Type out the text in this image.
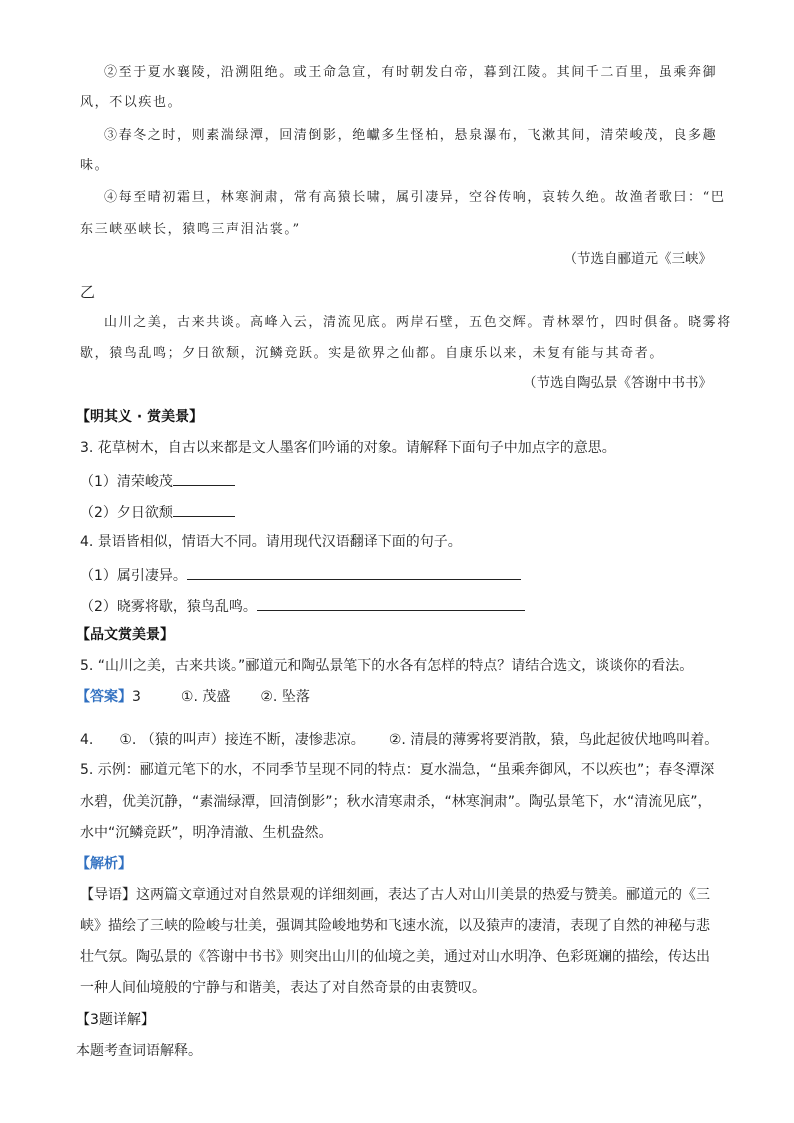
②至于夏水襄陵，沿溯阻绝。或王命急宣，有时朝发白帝，暮到江陵。其间千二百里，虽乘奔御
风，不以疾也。
③春冬之时，则素湍绿潭，回清倒影，绝巘多生怪柏，悬泉瀑布，飞漱其间，清荣峻茂，良多趣
味。
④每至晴初霜旦，林寒涧肃，常有高猿长啸，属引凄异，空谷传响，哀转久绝。故渔者歌曰：“巴
东三峡巫峡长，猿鸣三声泪沾裳。”
（节选自郦道元《三峡》
乙
山川之美，古来共谈。高峰入云，清流见底。两岸石壁，五色交辉。青林翠竹，四时俱备。晓雾将
歇，猿鸟乱鸣；夕日欲颓，沉鳞竞跃。实是欲界之仙都。自康乐以来，未复有能与其奇者。
（节选自陶弘景《答谢中书书》
【明其义 · 赏美景】
3. 花草树木，自古以来都是文人墨客们吟诵的对象。请解释下面句子中加点字的意思。
（1）清荣峻茂
（2）夕日欲颓
4. 景语皆相似，情语大不同。请用现代汉语翻译下面的句子。
（1）属引凄异。
（2）晓雾将歇，猿鸟乱鸣。
【品文赏美景】
5. “山川之美，古来共谈。”郦道元和陶弘景笔下的水各有怎样的特点？请结合选文，谈谈你的看法。
【答案】3	①. 茂盛 ②. 坠落
4. ①. （猿的叫声）接连不断，凄惨悲凉。 ②. 清晨的薄雾将要消散，猿，鸟此起彼伏地鸣叫着。
5. 示例：郦道元笔下的水，不同季节呈现不同的特点：夏水湍急，“虽乘奔御风，不以疾也”；春冬潭深
水碧，优美沉静，“素湍绿潭，回清倒影”；秋水清寒肃杀，“林寒涧肃”。陶弘景笔下，水“清流见底”，
水中“沉鳞竞跃”，明净清澈、生机盎然。
【解析】
【导语】这两篇文章通过对自然景观的详细刻画，表达了古人对山川美景的热爱与赞美。郦道元的《三
峡》描绘了三峡的险峻与壮美，强调其险峻地势和飞速水流，以及猿声的凄清，表现了自然的神秘与悲
壮气氛。陶弘景的《答谢中书书》则突出山川的仙境之美，通过对山水明净、色彩斑斓的描绘，传达出
一种人间仙境般的宁静与和谐美，表达了对自然奇景的由衷赞叹。
【3题详解】
本题考查词语解释。
